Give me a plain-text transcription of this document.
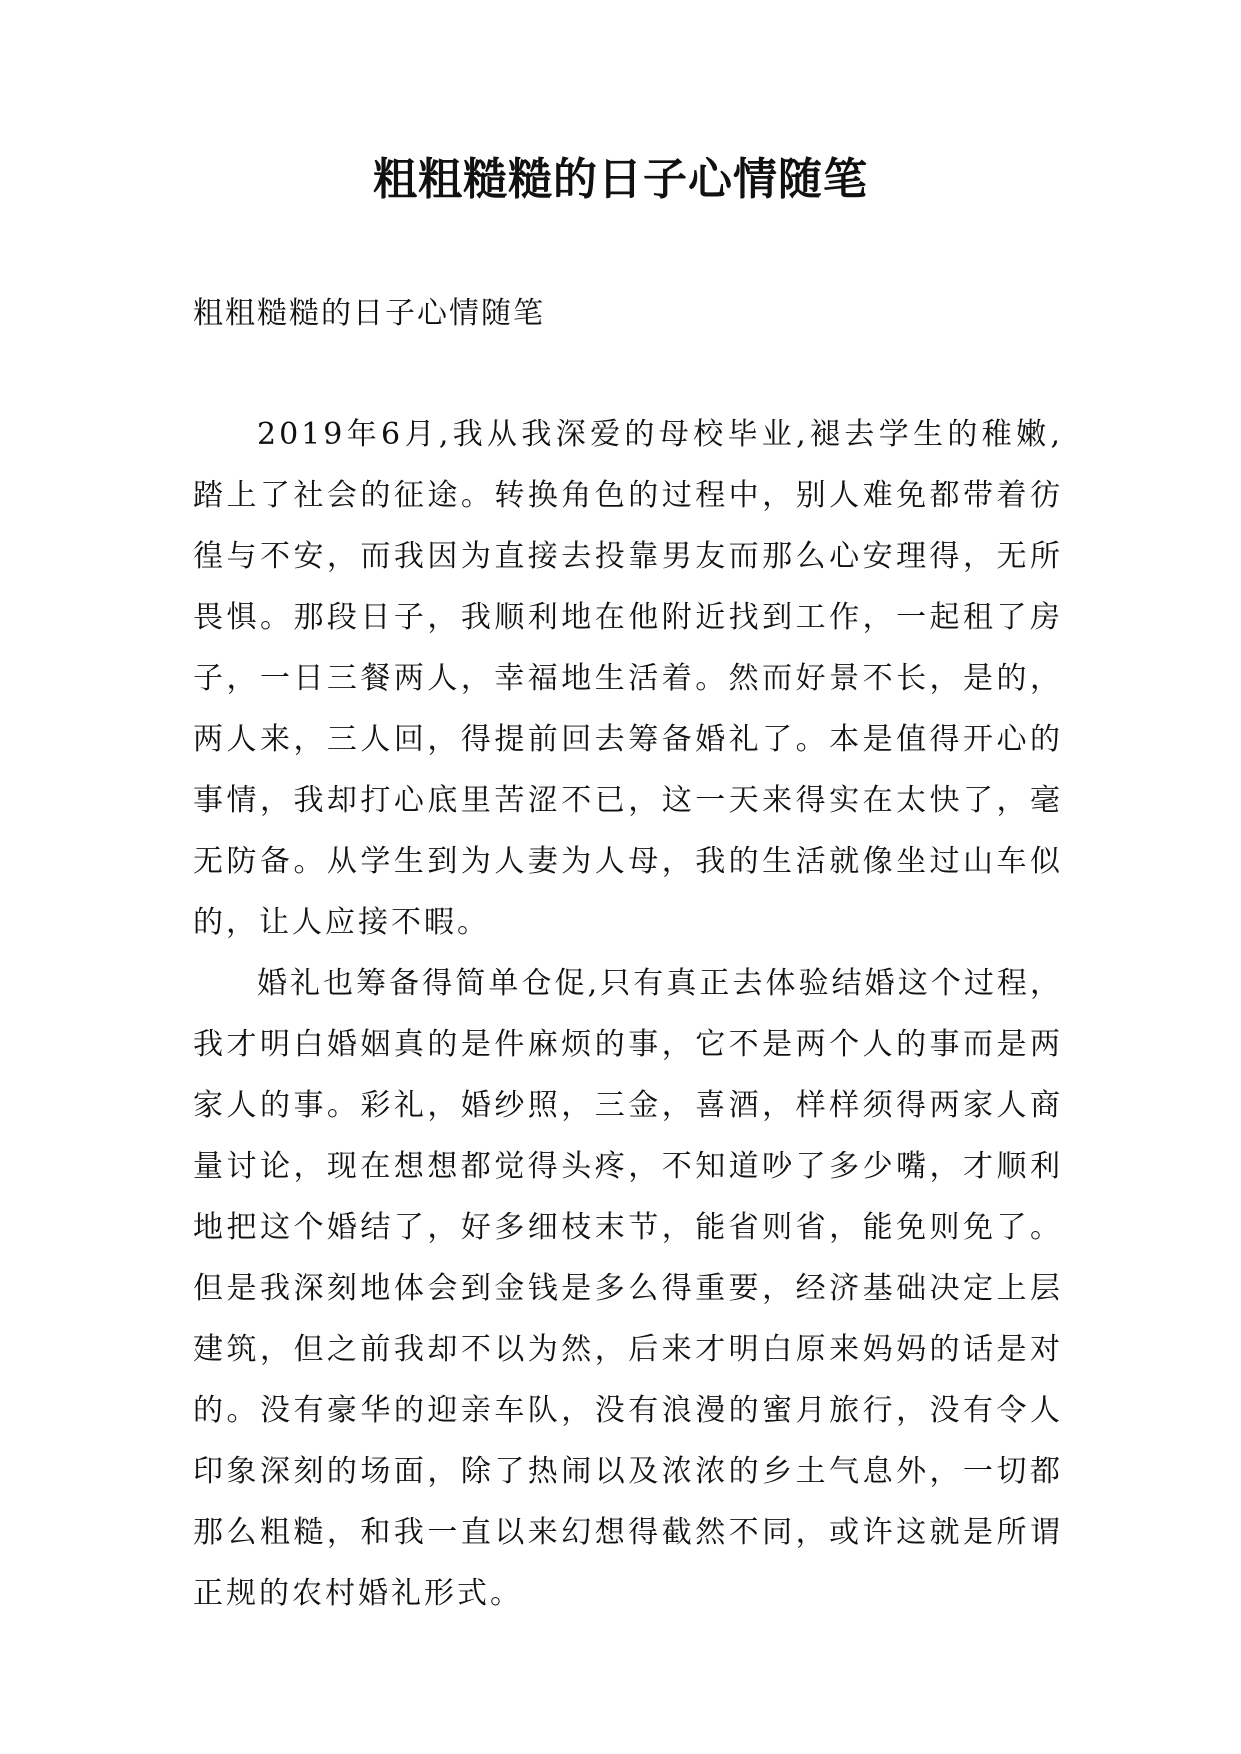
粗粗糙糙的日子心情随笔

粗粗糙糙的日子心情随笔

2019年6月,我从我深爱的母校毕业,褪去学生的稚嫩,踏上了社会的征途。转换角色的过程中，别人难免都带着彷徨与不安，而我因为直接去投靠男友而那么心安理得，无所畏惧。那段日子，我顺利地在他附近找到工作，一起租了房子，一日三餐两人，幸福地生活着。然而好景不长，是的，两人来，三人回，得提前回去筹备婚礼了。本是值得开心的事情，我却打心底里苦涩不已，这一天来得实在太快了，毫无防备。从学生到为人妻为人母，我的生活就像坐过山车似的，让人应接不暇。

婚礼也筹备得简单仓促,只有真正去体验结婚这个过程，我才明白婚姻真的是件麻烦的事，它不是两个人的事而是两家人的事。彩礼，婚纱照，三金，喜酒，样样须得两家人商量讨论，现在想想都觉得头疼，不知道吵了多少嘴，才顺利地把这个婚结了，好多细枝末节，能省则省，能免则免了。但是我深刻地体会到金钱是多么得重要，经济基础决定上层建筑，但之前我却不以为然，后来才明白原来妈妈的话是对的。没有豪华的迎亲车队，没有浪漫的蜜月旅行，没有令人印象深刻的场面，除了热闹以及浓浓的乡土气息外，一切都那么粗糙，和我一直以来幻想得截然不同，或许这就是所谓正规的农村婚礼形式。
